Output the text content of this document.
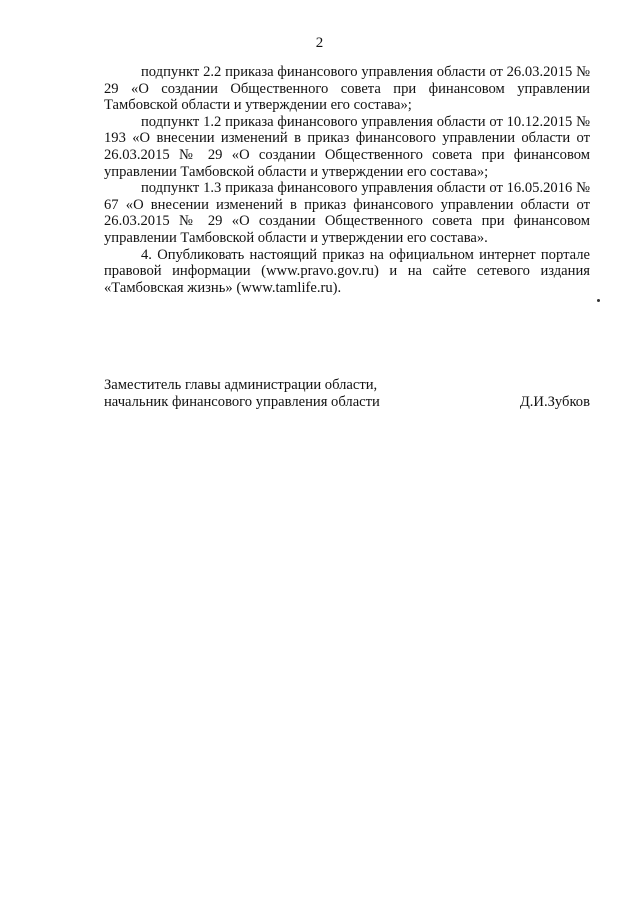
2

подпункт 2.2 приказа финансового управления области от 26.03.2015 № 29 «О создании Общественного совета при финансовом управлении Тамбовской области и утверждении его состава»;

подпункт 1.2 приказа финансового управления области от 10.12.2015 № 193 «О внесении изменений в приказ финансового управлении области от 26.03.2015 № 29 «О создании Общественного совета при финансовом управлении Тамбовской области и утверждении его состава»;

подпункт 1.3 приказа финансового управления области от 16.05.2016 № 67 «О внесении изменений в приказ финансового управлении области от 26.03.2015 № 29 «О создании Общественного совета при финансовом управлении Тамбовской области и утверждении его состава».

4. Опубликовать настоящий приказ на официальном интернет портале правовой информации (www.pravo.gov.ru) и на сайте сетевого издания «Тамбовская жизнь» (www.tamlife.ru).

Заместитель главы администрации области,
начальник финансового управления области	Д.И.Зубков
